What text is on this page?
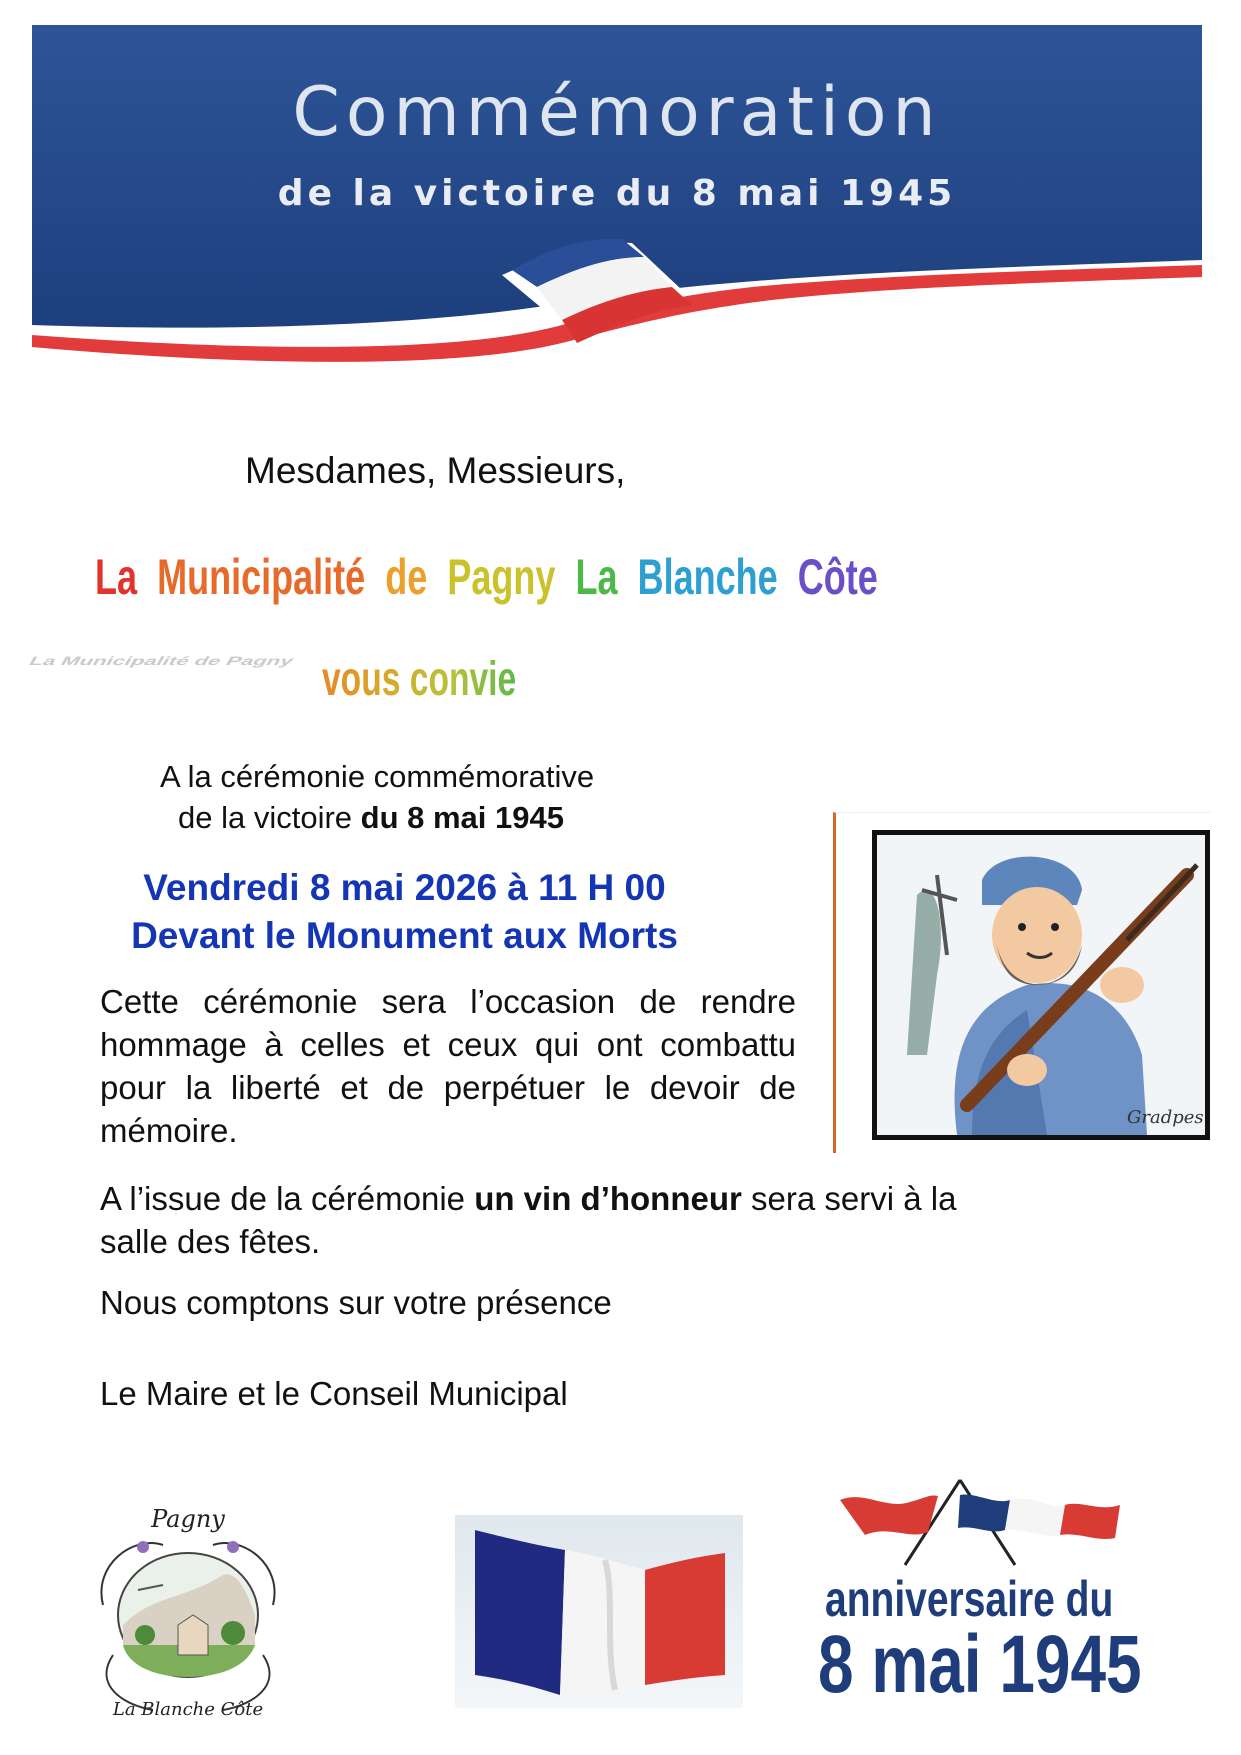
Commémoration
de la victoire du 8 mai 1945
Mesdames, Messieurs,
La Municipalité de Pagny La Blanche Côte
La Municipalité de Pagny vous convie
A la cérémonie commémorative
de la victoire du 8 mai 1945
Vendredi 8 mai 2026 à 11 H 00
Devant le Monument aux Morts
Cette cérémonie sera l’occasion de rendre hommage à celles et ceux qui ont combattu pour la liberté et de perpétuer le devoir de mémoire.
A l’issue de la cérémonie un vin d’honneur sera servi à la salle des fêtes.
Nous comptons sur votre présence
Le Maire et le Conseil Municipal
Gradpes
Pagny
La Blanche Côte
anniversaire du
8 mai 1945
